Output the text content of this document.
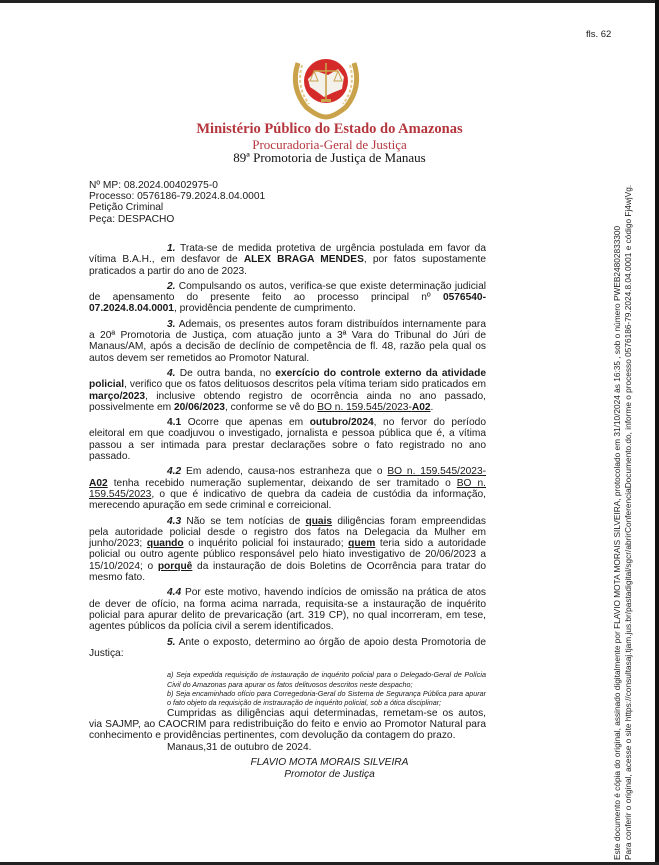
fls. 62
Ministério Público do Estado do Amazonas
Procuradoria-Geral de Justiça
89ª Promotoria de Justiça de Manaus
Nº MP: 08.2024.00402975-0
Processo: 0576186-79.2024.8.04.0001
Petição Criminal
Peça: DESPACHO

1. Trata-se de medida protetiva de urgência postulada em favor da vítima B.A.H., em desfavor de ALEX BRAGA MENDES, por fatos supostamente praticados a partir do ano de 2023.

2. Compulsando os autos, verifica-se que existe determinação judicial de apensamento do presente feito ao processo principal nº 0576540-07.2024.8.04.0001, providência pendente de cumprimento.

3. Ademais, os presentes autos foram distribuídos internamente para a 20ª Promotoria de Justiça, com atuação junto a 3ª Vara do Tribunal do Júri de Manaus/AM, após a decisão de declínio de competência de fl. 48, razão pela qual os autos devem ser remetidos ao Promotor Natural.

4. De outra banda, no exercício do controle externo da atividade policial, verifico que os fatos delituosos descritos pela vítima teriam sido praticados em março/2023, inclusive obtendo registro de ocorrência ainda no ano passado, possivelmente em 20/06/2023, conforme se vê do BO n. 159.545/2023-A02.

4.1 Ocorre que apenas em outubro/2024, no fervor do período eleitoral em que coadjuvou o investigado, jornalista e pessoa pública que é, a vítima passou a ser intimada para prestar declarações sobre o fato registrado no ano passado.

4.2 Em adendo, causa-nos estranheza que o BO n. 159.545/2023-A02 tenha recebido numeração suplementar, deixando de ser tramitado o BO n. 159.545/2023, o que é indicativo de quebra da cadeia de custódia da informação, merecendo apuração em sede criminal e correicional.

4.3 Não se tem notícias de quais diligências foram empreendidas pela autoridade policial desde o registro dos fatos na Delegacia da Mulher em junho/2023; quando o inquérito policial foi instaurado; quem teria sido a autoridade policial ou outro agente público responsável pelo hiato investigativo de 20/06/2023 a 15/10/2024; o porquê da instauração de dois Boletins de Ocorrência para tratar do mesmo fato.

4.4 Por este motivo, havendo indícios de omissão na prática de atos de dever de ofício, na forma acima narrada, requisita-se a instauração de inquérito policial para apurar delito de prevaricação (art. 319 CP), no qual incorreram, em tese, agentes públicos da polícia civil a serem identificados.

5. Ante o exposto, determino ao órgão de apoio desta Promotoria de Justiça:

a) Seja expedida requisição de instauração de inquérito policial para o Delegado-Geral de Polícia Civil do Amazonas para apurar os fatos delituosos descritos neste despacho;
b) Seja encaminhado ofício para Corregedoria-Geral do Sistema de Segurança Pública para apurar o fato objeto da requisição de instrauração de inquérito policial, sob a ótica disciplinar;

Cumpridas as diligências aqui determinadas, remetam-se os autos, via SAJMP, ao CAOCRIM para redistribuição do feito e envio ao Promotor Natural para conhecimento e providências pertinentes, com devolução da contagem do prazo.

Manaus,31 de outubro de 2024.

FLAVIO MOTA MORAIS SILVEIRA
Promotor de Justiça	Este documento é cópia do original, assinado digitalmente por FLAVIO MOTA MORAIS SILVEIRA, protocolado em 31/10/2024 às 16:35 , sob o número PWEB24802833300 Para conferir o original, acesse o site https://consultasaj.tjam.jus.br/pastadigital/sgcr/abrirConferenciaDocumento.do, informe o processo 0576186-79.2024.8.04.0001 e código Fj4wjVg.
